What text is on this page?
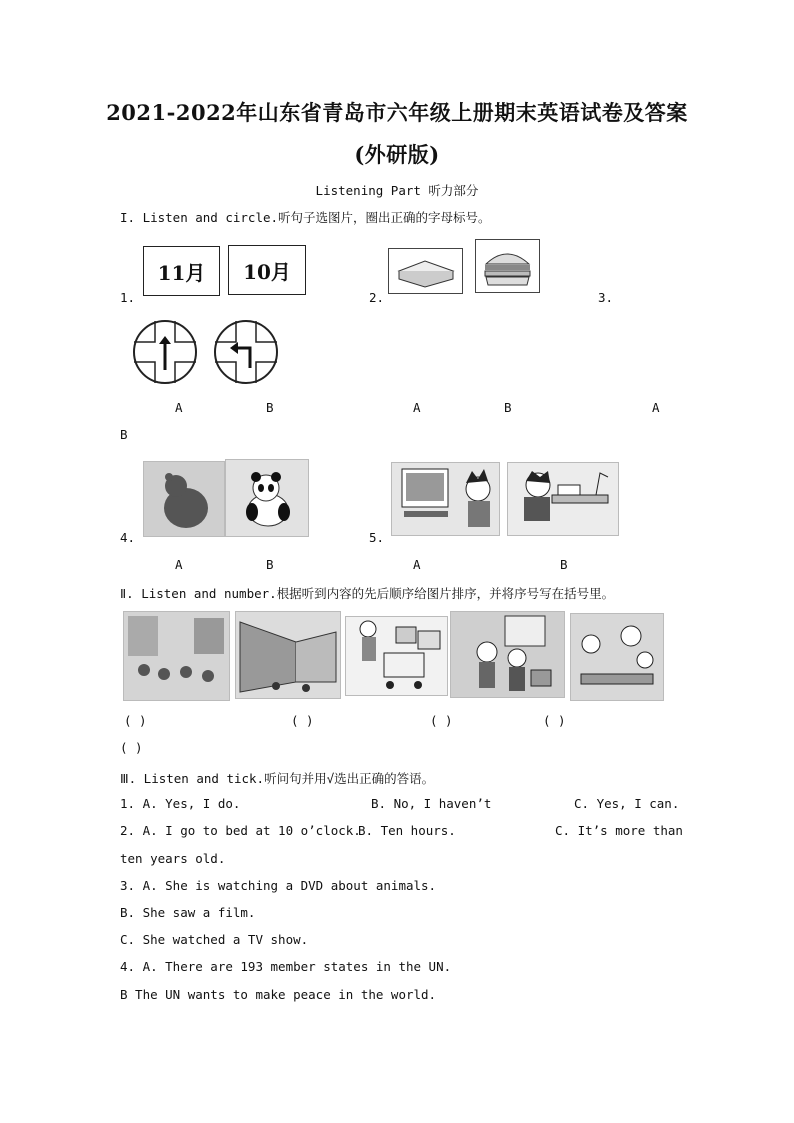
2021-2022年山东省青岛市六年级上册期末英语试卷及答案
(外研版)
Listening Part 听力部分
I. Listen and circle.听句子选图片，圈出正确的字母标号。
11月	10月
1.	2.	3.
A	B	A	B	A
B
4.	5.
A	B	A	B
Ⅱ. Listen and number.根据听到内容的先后顺序给图片排序，并将序号写在括号里。
( )	( )	( )	( )
( )
Ⅲ. Listen and tick.听问句并用√选出正确的答语。
1. A. Yes, I do.	B. No, I haven’t	C. Yes, I can.
2. A. I go to bed at 10 o’clock.
B. Ten hours.	C. It’s more than
ten years old.
3. A. She is watching a DVD about animals.
B. She saw a film.
C. She watched a TV show.
4. A. There are 193 member states in the UN.
B The UN wants to make peace in the world.
